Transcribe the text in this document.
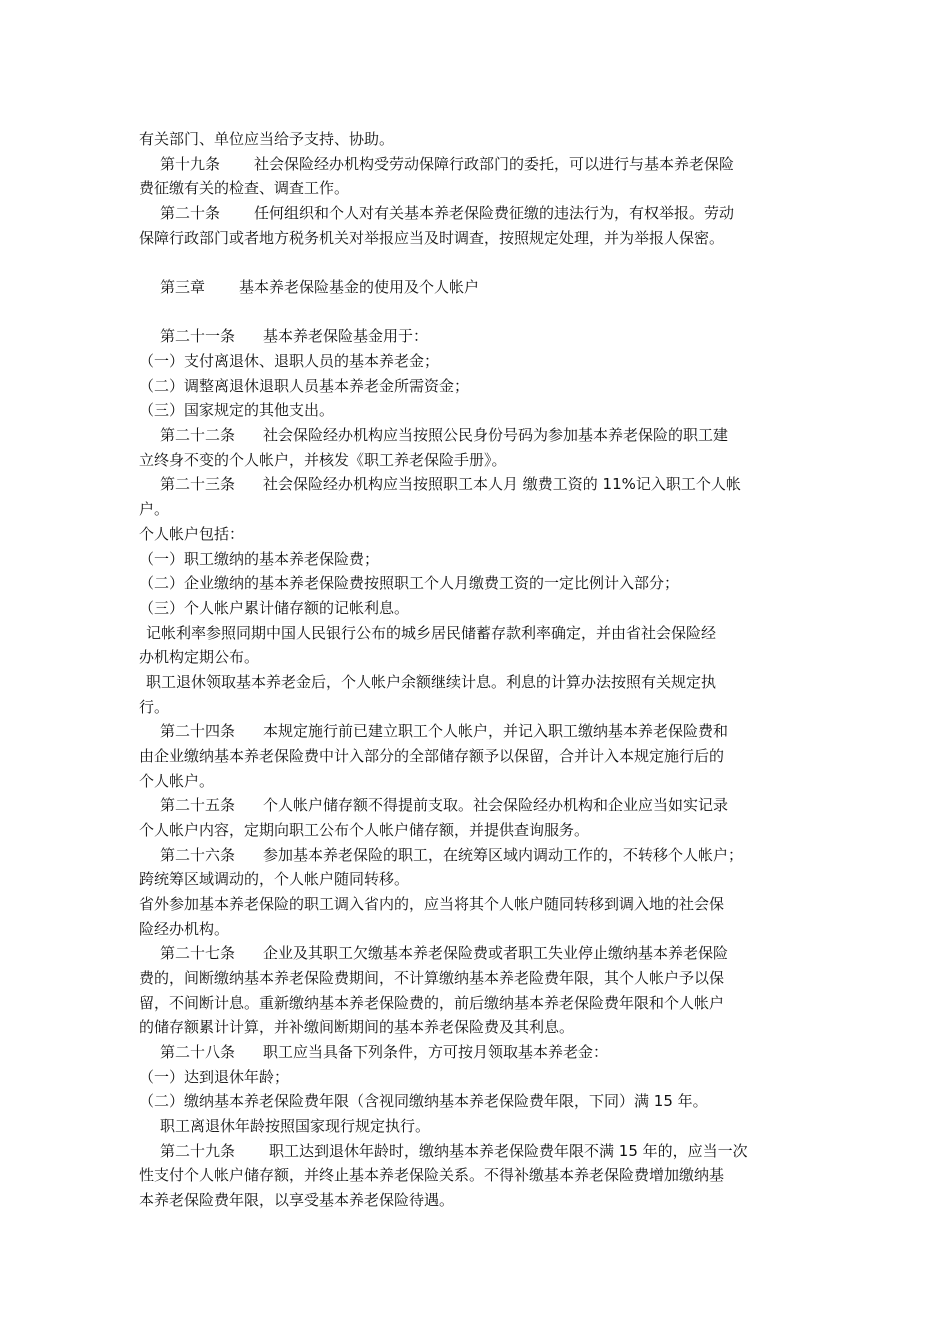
有关部门、单位应当给予支持、协助。
第十九条 社会保险经办机构受劳动保障行政部门的委托，可以进行与基本养老保险
费征缴有关的检查、调查工作。
第二十条 任何组织和个人对有关基本养老保险费征缴的违法行为，有权举报。劳动
保障行政部门或者地方税务机关对举报应当及时调查，按照规定处理，并为举报人保密。
第三章 基本养老保险基金的使用及个人帐户
第二十一条 基本养老保险基金用于：
（一）支付离退休、退职人员的基本养老金；
（二）调整离退休退职人员基本养老金所需资金；
（三）国家规定的其他支出。
第二十二条 社会保险经办机构应当按照公民身份号码为参加基本养老保险的职工建
立终身不变的个人帐户，并核发《职工养老保险手册》。
第二十三条 社会保险经办机构应当按照职工本人月 缴费工资的 11%记入职工个人帐
户。
个人帐户包括：
（一）职工缴纳的基本养老保险费；
（二）企业缴纳的基本养老保险费按照职工个人月缴费工资的一定比例计入部分；
（三）个人帐户累计储存额的记帐利息。
记帐利率参照同期中国人民银行公布的城乡居民储蓄存款利率确定，并由省社会保险经
办机构定期公布。
职工退休领取基本养老金后，个人帐户余额继续计息。利息的计算办法按照有关规定执
行。
第二十四条 本规定施行前已建立职工个人帐户，并记入职工缴纳基本养老保险费和
由企业缴纳基本养老保险费中计入部分的全部储存额予以保留，合并计入本规定施行后的
个人帐户。
第二十五条 个人帐户储存额不得提前支取。社会保险经办机构和企业应当如实记录
个人帐户内容，定期向职工公布个人帐户储存额，并提供查询服务。
第二十六条 参加基本养老保险的职工，在统筹区域内调动工作的，不转移个人帐户；
跨统筹区域调动的，个人帐户随同转移。
省外参加基本养老保险的职工调入省内的，应当将其个人帐户随同转移到调入地的社会保
险经办机构。
第二十七条 企业及其职工欠缴基本养老保险费或者职工失业停止缴纳基本养老保险
费的，间断缴纳基本养老保险费期间，不计算缴纳基本养老险费年限，其个人帐户予以保
留，不间断计息。重新缴纳基本养老保险费的，前后缴纳基本养老保险费年限和个人帐户
的储存额累计计算，并补缴间断期间的基本养老保险费及其利息。
第二十八条 职工应当具备下列条件，方可按月领取基本养老金：
（一）达到退休年龄；
（二）缴纳基本养老保险费年限（含视同缴纳基本养老保险费年限，下同）满 15 年。
职工离退休年龄按照国家现行规定执行。
第二十九条 职工达到退休年龄时，缴纳基本养老保险费年限不满 15 年的，应当一次
性支付个人帐户储存额，并终止基本养老保险关系。不得补缴基本养老保险费增加缴纳基
本养老保险费年限，以享受基本养老保险待遇。
